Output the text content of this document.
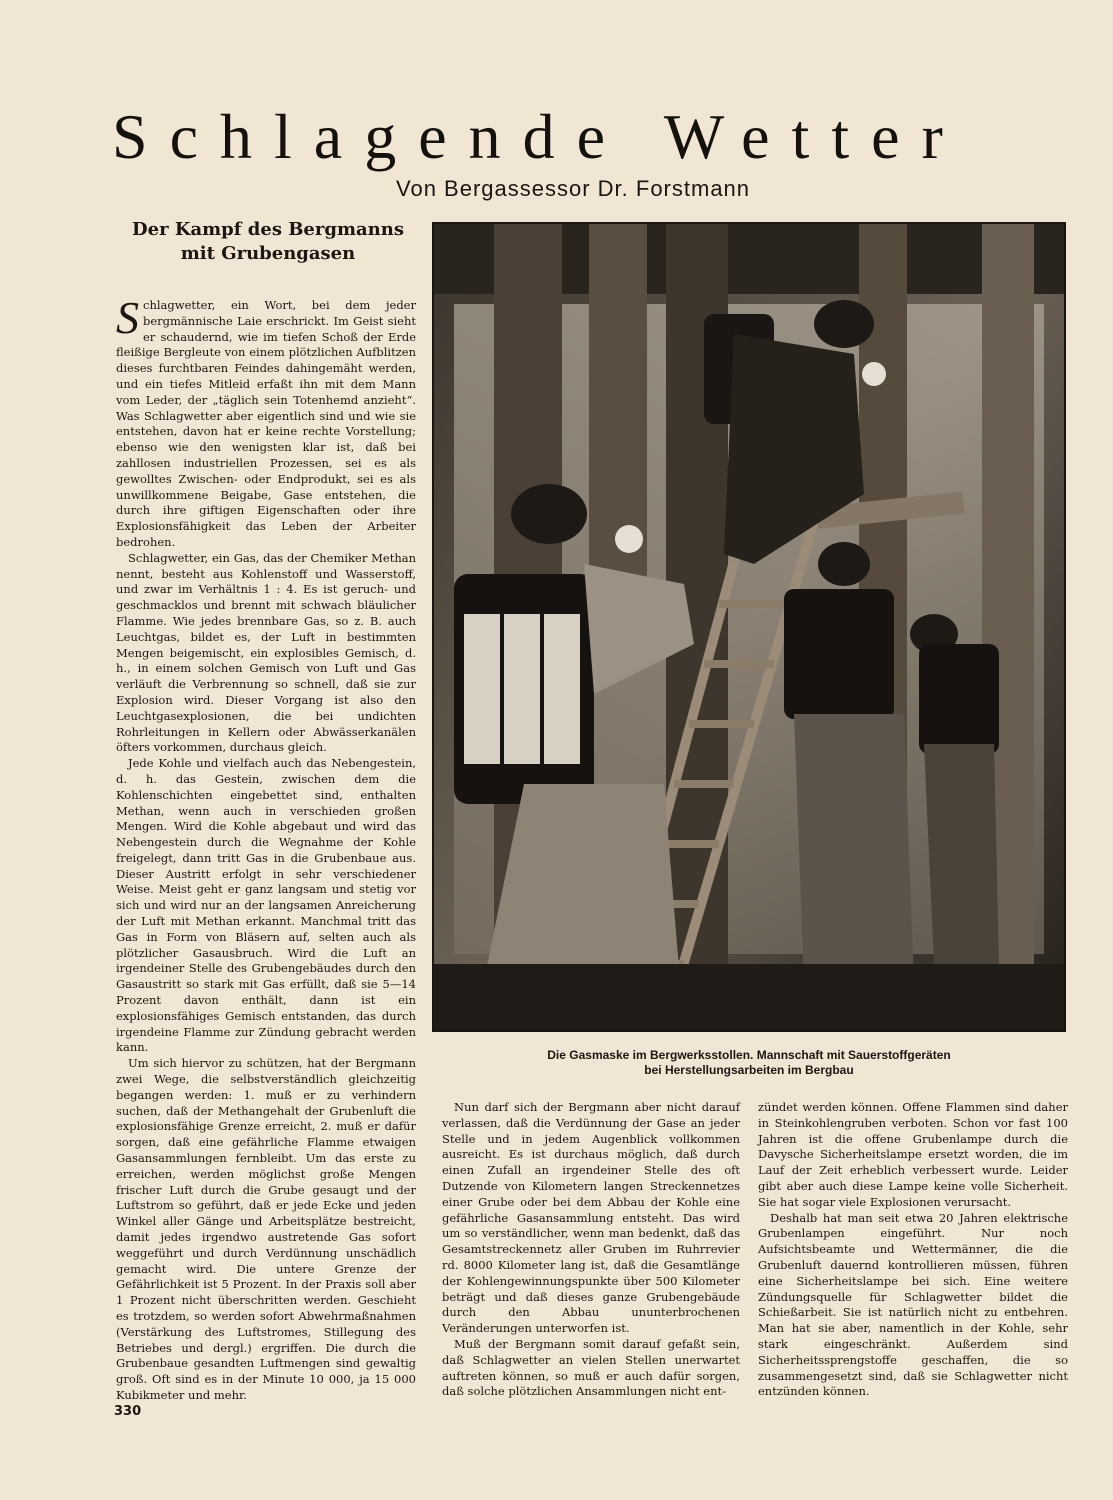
Schlagende Wetter

Von Bergassessor Dr. Forstmann

Der Kampf des Bergmanns
mit Grubengasen

Schlagwetter, ein Wort, bei dem jeder bergmännische Laie erschrickt. Im Geist sieht er schaudernd, wie im tiefen Schoß der Erde fleißige Bergleute von einem plötzlichen Aufblitzen dieses furchtbaren Feindes dahingemäht werden, und ein tiefes Mitleid erfaßt ihn mit dem Mann vom Leder, der „täglich sein Totenhemd anzieht“. Was Schlagwetter aber eigentlich sind und wie sie entstehen, davon hat er keine rechte Vorstellung; ebenso wie den wenigsten klar ist, daß bei zahllosen industriellen Prozessen, sei es als gewolltes Zwischen- oder Endprodukt, sei es als unwillkommene Beigabe, Gase entstehen, die durch ihre giftigen Eigenschaften oder ihre Explosionsfähigkeit das Leben der Arbeiter bedrohen.

Schlagwetter, ein Gas, das der Chemiker Methan nennt, besteht aus Kohlenstoff und Wasserstoff, und zwar im Verhältnis 1 : 4. Es ist geruch- und geschmacklos und brennt mit schwach bläulicher Flamme. Wie jedes brennbare Gas, so z. B. auch Leuchtgas, bildet es, der Luft in bestimmten Mengen beigemischt, ein explosibles Gemisch, d. h., in einem solchen Gemisch von Luft und Gas verläuft die Verbrennung so schnell, daß sie zur Explosion wird. Dieser Vorgang ist also den Leuchtgasexplosionen, die bei undichten Rohrleitungen in Kellern oder Abwässerkanälen öfters vorkommen, durchaus gleich.

Jede Kohle und vielfach auch das Nebengestein, d. h. das Gestein, zwischen dem die Kohlenschichten eingebettet sind, enthalten Methan, wenn auch in verschieden großen Mengen. Wird die Kohle abgebaut und wird das Nebengestein durch die Wegnahme der Kohle freigelegt, dann tritt Gas in die Grubenbaue aus. Dieser Austritt erfolgt in sehr verschiedener Weise. Meist geht er ganz langsam und stetig vor sich und wird nur an der langsamen Anreicherung der Luft mit Methan erkannt. Manchmal tritt das Gas in Form von Bläsern auf, selten auch als plötzlicher Gasausbruch. Wird die Luft an irgendeiner Stelle des Grubengebäudes durch den Gasaustritt so stark mit Gas erfüllt, daß sie 5—14 Prozent davon enthält, dann ist ein explosionsfähiges Gemisch entstanden, das durch irgendeine Flamme zur Zündung gebracht werden kann.

Um sich hiervor zu schützen, hat der Bergmann zwei Wege, die selbstverständlich gleichzeitig begangen werden: 1. muß er zu verhindern suchen, daß der Methangehalt der Grubenluft die explosionsfähige Grenze erreicht, 2. muß er dafür sorgen, daß eine gefährliche Flamme etwaigen Gasansammlungen fernbleibt. Um das erste zu erreichen, werden möglichst große Mengen frischer Luft durch die Grube gesaugt und der Luftstrom so geführt, daß er jede Ecke und jeden Winkel aller Gänge und Arbeitsplätze bestreicht, damit jedes irgendwo austretende Gas sofort weggeführt und durch Verdünnung unschädlich gemacht wird. Die untere Grenze der Gefährlichkeit ist 5 Prozent. In der Praxis soll aber 1 Prozent nicht überschritten werden. Geschieht es trotzdem, so werden sofort Abwehrmaßnahmen (Verstärkung des Luftstromes, Stillegung des Betriebes und dergl.) ergriffen. Die durch die Grubenbaue gesandten Luftmengen sind gewaltig groß. Oft sind es in der Minute 10 000, ja 15 000 Kubikmeter und mehr.

Die Gasmaske im Bergwerksstollen. Mannschaft mit Sauerstoffgeräten
bei Herstellungsarbeiten im Bergbau

Nun darf sich der Bergmann aber nicht darauf verlassen, daß die Verdünnung der Gase an jeder Stelle und in jedem Augenblick vollkommen ausreicht. Es ist durchaus möglich, daß durch einen Zufall an irgendeiner Stelle des oft Dutzende von Kilometern langen Streckennetzes einer Grube oder bei dem Abbau der Kohle eine gefährliche Gasansammlung entsteht. Das wird um so verständlicher, wenn man bedenkt, daß das Gesamtstreckennetz aller Gruben im Ruhrrevier rd. 8000 Kilometer lang ist, daß die Gesamtlänge der Kohlengewinnungspunkte über 500 Kilometer beträgt und daß dieses ganze Grubengebäude durch den Abbau ununterbrochenen Veränderungen unterworfen ist.

Muß der Bergmann somit darauf gefaßt sein, daß Schlagwetter an vielen Stellen unerwartet auftreten können, so muß er auch dafür sorgen, daß solche plötzlichen Ansammlungen nicht ent-

zündet werden können. Offene Flammen sind daher in Steinkohlengruben verboten. Schon vor fast 100 Jahren ist die offene Grubenlampe durch die Davysche Sicherheitslampe ersetzt worden, die im Lauf der Zeit erheblich verbessert wurde. Leider gibt aber auch diese Lampe keine volle Sicherheit. Sie hat sogar viele Explosionen verursacht.

Deshalb hat man seit etwa 20 Jahren elektrische Grubenlampen eingeführt. Nur noch Aufsichtsbeamte und Wettermänner, die die Grubenluft dauernd kontrollieren müssen, führen eine Sicherheitslampe bei sich. Eine weitere Zündungsquelle für Schlagwetter bildet die Schießarbeit. Sie ist natürlich nicht zu entbehren. Man hat sie aber, namentlich in der Kohle, sehr stark eingeschränkt. Außerdem sind Sicherheitssprengstoffe geschaffen, die so zusammengesetzt sind, daß sie Schlagwetter nicht entzünden können.

330
